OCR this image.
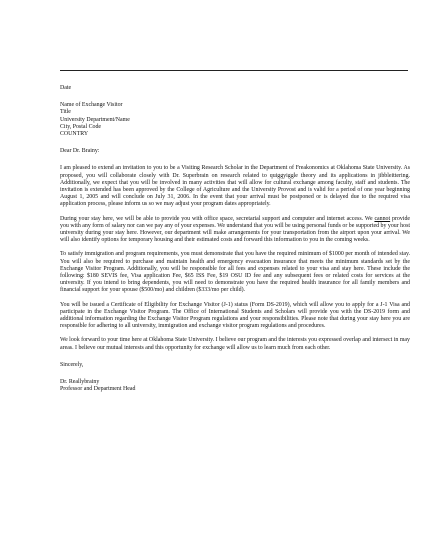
Date

Name of Exchange Visitor

Title

University Department/Name

City, Postal Code

COUNTRY

Dear Dr. Brainy:

I am pleased to extend an invitation to you to be a Visiting Research Scholar in the Department of Freakonomics at Oklahoma State University. As proposed, you will collaborate closely with Dr. Superbrain on research related to quiggyiggle theory and its applications in jibbleittering. Additionally, we expect that you will be involved in many activities that will allow for cultural exchange among faculty, staff and students. The invitation is extended has been approved by the College of Agriculture and the University Provost and is valid for a period of one year beginning August 1, 2005 and will conclude on July 31, 2006. In the event that your arrival must be postponed or is delayed due to the required visa application process, please inform us so we may adjust your program dates appropriately.

During your stay here, we will be able to provide you with office space, secretarial support and computer and internet access. We cannot provide you with any form of salary nor can we pay any of your expenses. We understand that you will be using personal funds or be supported by your host university during your stay here. However, our department will make arrangements for your transportation from the airport upon your arrival. We will also identify options for temporary housing and their estimated costs and forward this information to you in the coming weeks.

To satisfy immigration and program requirements, you must demonstrate that you have the required minimum of $1000 per month of intended stay. You will also be required to purchase and maintain health and emergency evacuation insurance that meets the minimum standards set by the Exchange Visitor Program. Additionally, you will be responsible for all fees and expenses related to your visa and stay here. These include the following: $180 SEVIS fee, Visa application Fee, $65 ISS Fee, $19 OSU ID fee and any subsequent fees or related costs for services at the university. If you intend to bring dependents, you will need to demonstrate you have the required health insurance for all family members and financial support for your spouse ($500/mo) and children ($333/mo per child).

You will be issued a Certificate of Eligibility for Exchange Visitor (J-1) status (Form DS-2019), which will allow you to apply for a J-1 Visa and participate in the Exchange Visitor Program. The Office of International Students and Scholars will provide you with the DS-2019 form and additional information regarding the Exchange Visitor Program regulations and your responsibilities. Please note that during your stay here you are responsible for adhering to all university, immigration and exchange visitor program regulations and procedures.

We look forward to your time here at Oklahoma State University. I believe our program and the interests you expressed overlap and intersect in may areas. I believe our mutual interests and this opportunity for exchange will allow us to learn much from each other.

Sincerely,

Dr. Reallybrainy

Professor and Department Head
